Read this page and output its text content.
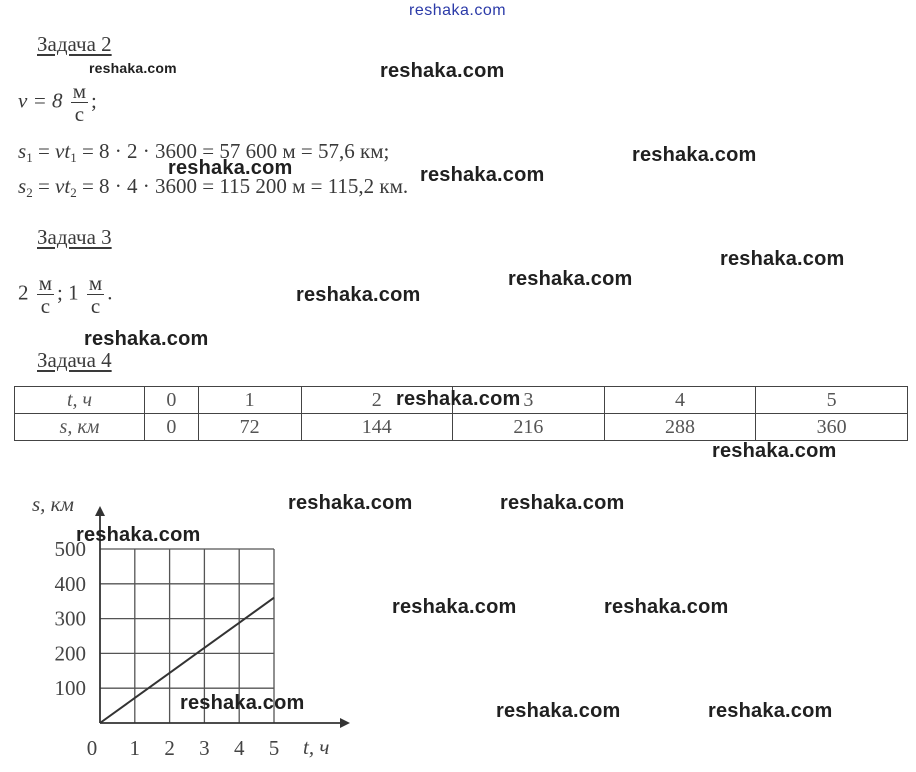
reshaka.com
Задача 2
$v = 8 \frac{м}{с}$ ;
$s_1 = vt_1 = 8 \cdot 2 \cdot 3600 = 57$ 600 м = 57,6 км;
$s_2 = vt_2 = 8 \cdot 4 \cdot 3600 = 115$ 200 м = 115,2 км.
Задача 3
$2 \frac{м}{с}$ ; $1 \frac{м}{с}$ .
Задача 4
t, ч	0	1	2	3	4	5
s, км	0	72	144	216	288	360
0 1 2 3 4 5
100
200
300
400
500
s, км
t, ч
reshaka.com	reshaka.com
reshaka.com
reshaka.com	reshaka.com
reshaka.com
reshaka.com
reshaka.com
reshaka.com
reshaka.com
reshaka.com
reshaka.com	reshaka.com
reshaka.com
reshaka.com	reshaka.com
reshaka.com	reshaka.com	reshaka.com
